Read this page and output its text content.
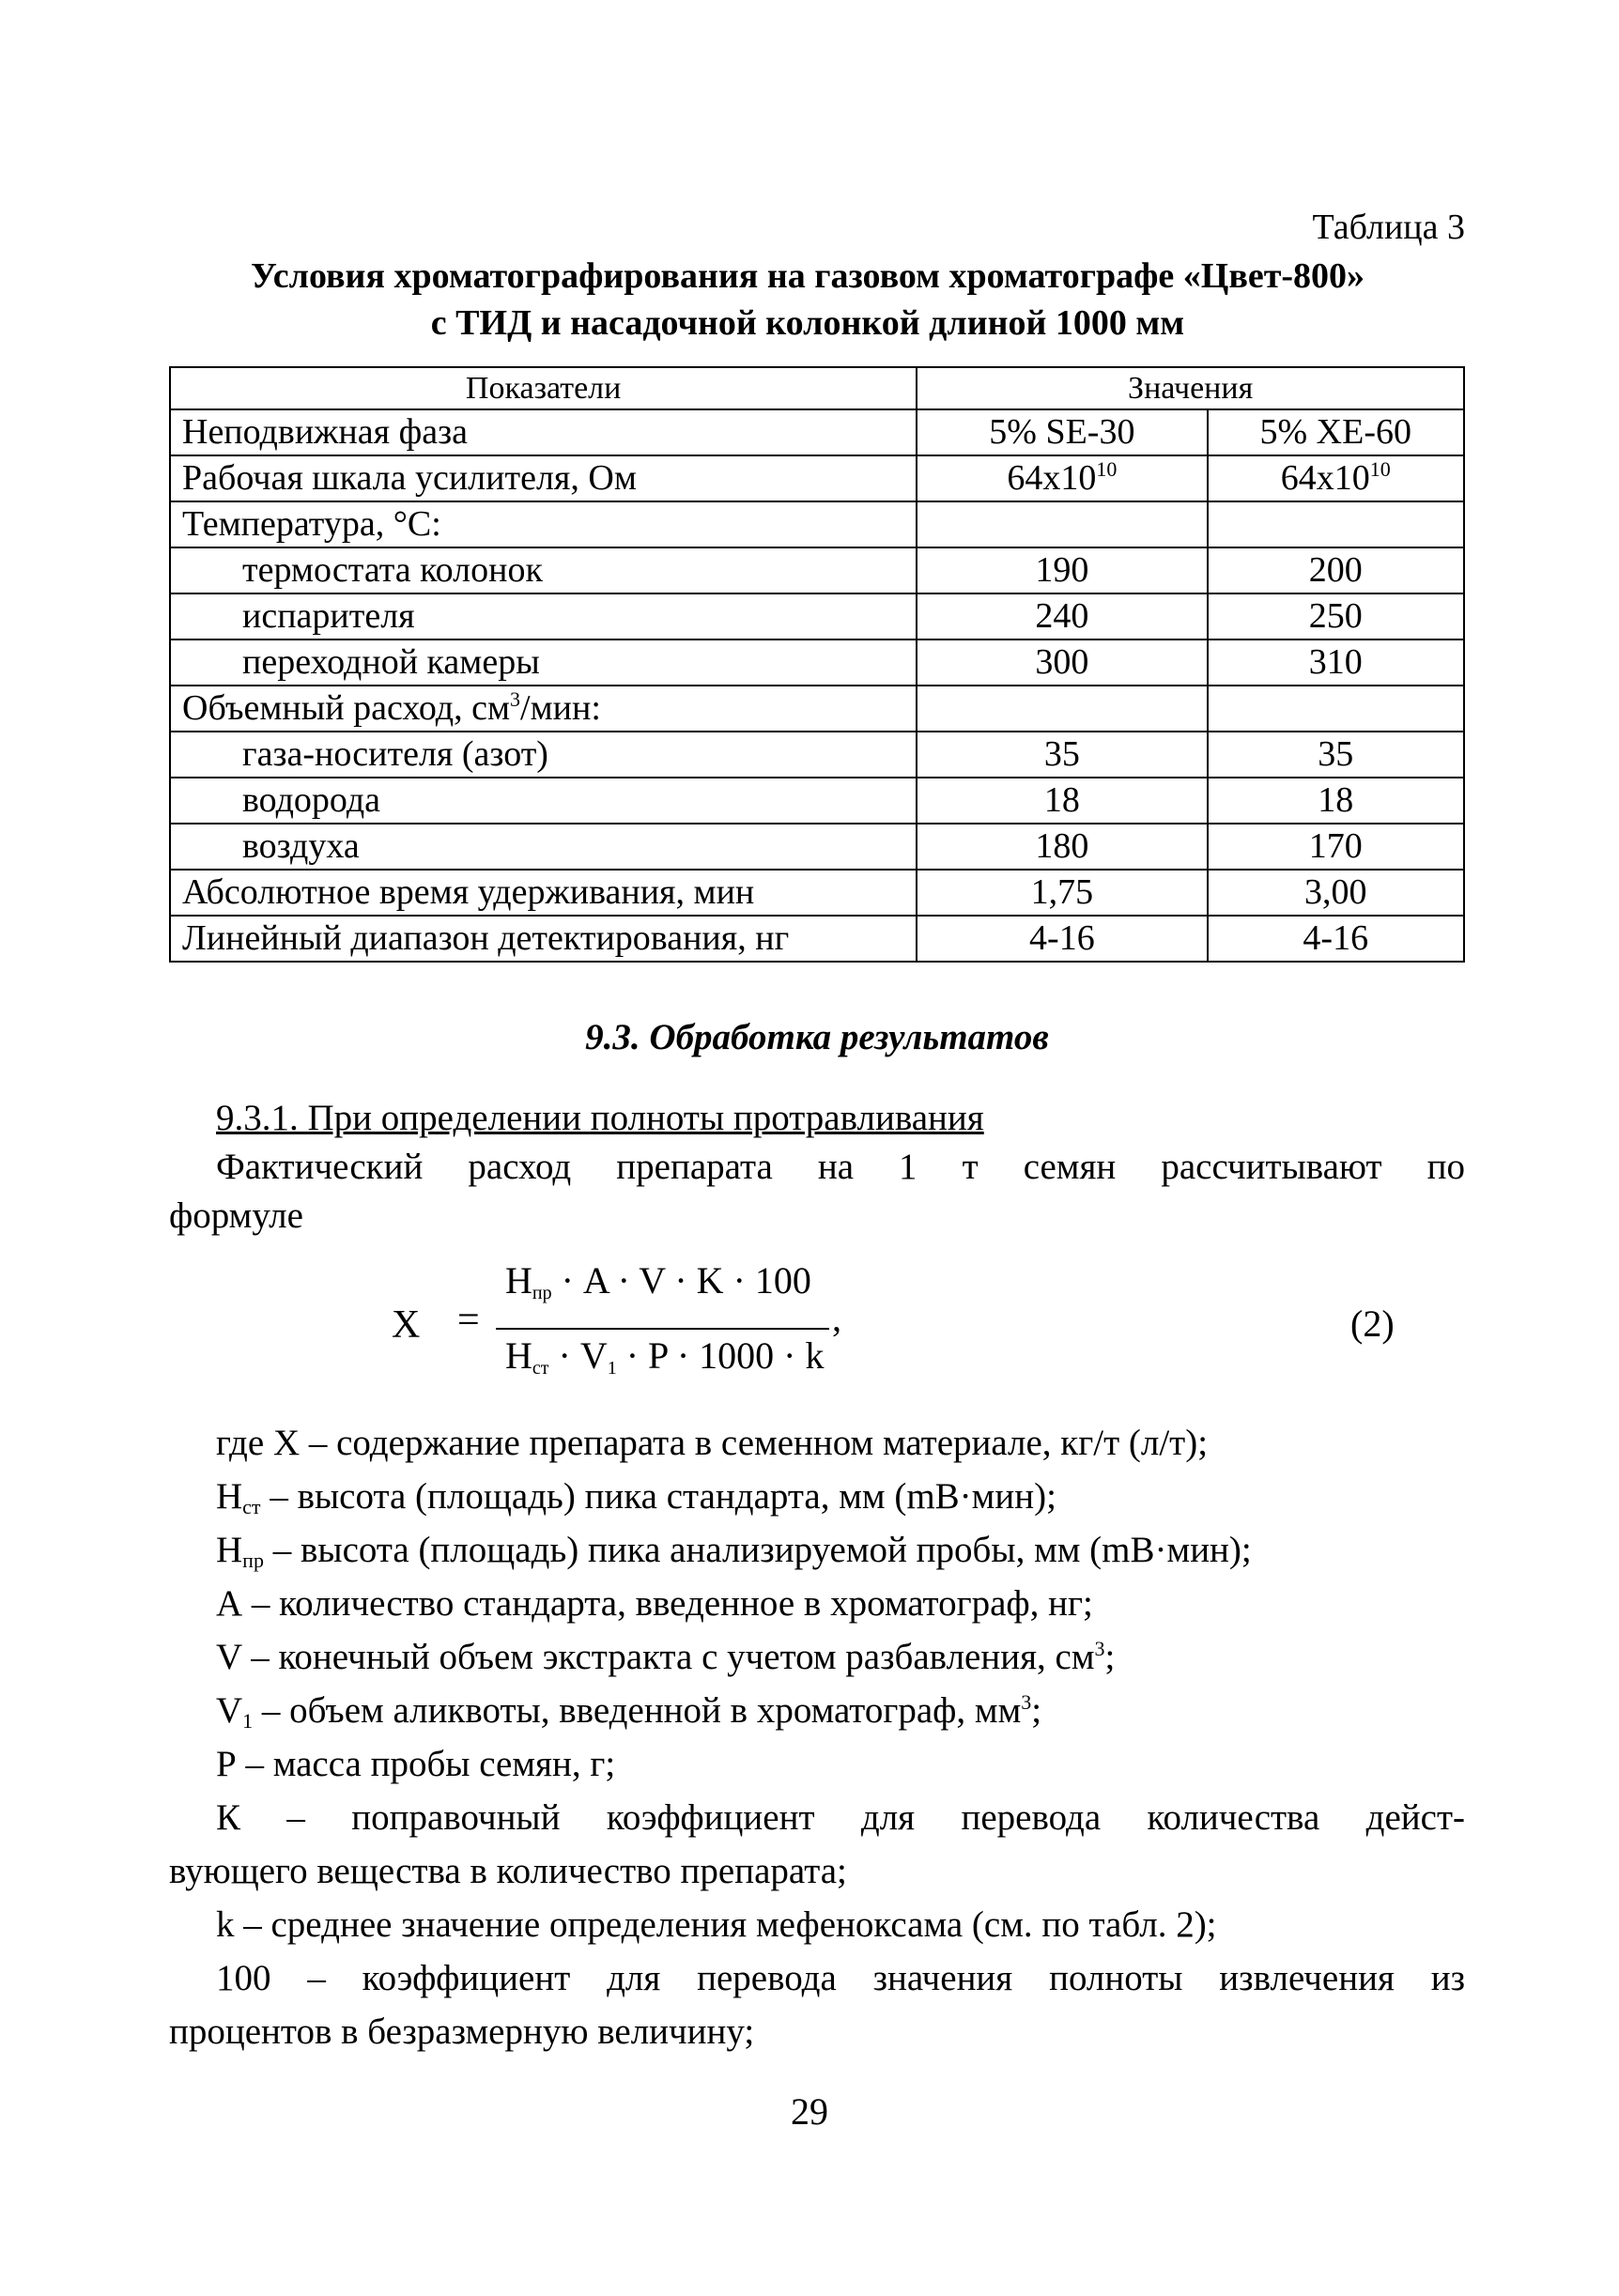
Таблица 3
Условия хроматографирования на газовом хроматографе «Цвет-800»
с ТИД и насадочной колонкой длиной 1000 мм
Показатели	Значения	
Неподвижная фаза	5% SE-30	5% XE-60
Рабочая шкала усилителя, Ом	$64x10^{10}$	$64x10^{10}$
Температура, °С:		
термостата колонок	190	200
испарителя	240	250
переходной камеры	300	310
Объемный расход, $см^3$/мин:		
газа-носителя (азот)	35	35
водорода	18	18
воздуха	180	170
Абсолютное время удерживания, мин	1,75	3,00
Линейный диапазон детектирования, нг	4-16	4-16
9.3. Обработка результатов
9.3.1. При определении полноты протравливания
Фактический расход препарата на 1 т семян рассчитывают по
формуле
X =
$H_{пр} \cdot A \cdot V \cdot K \cdot 100$
$H_{ст} \cdot V_1 \cdot P \cdot 1000 \cdot k$
,	(2)

где X – содержание препарата в семенном материале, кг/т (л/т);

$Н_{ст}$ – высота (площадь) пика стандарта, мм (mВ·мин);

$Н_{пр}$ – высота (площадь) пика анализируемой пробы, мм (mВ·мин);

А – количество стандарта, введенное в хроматограф, нг;

V – конечный объем экстракта с учетом разбавления, $см^3$;

$V_1$ – объем аликвоты, введенной в хроматограф, $мм^3$;

Р – масса пробы семян, г;

К – поправочный коэффициент для перевода количества дейст-

вующего вещества в количество препарата;

k – среднее значение определения мефеноксама (см. по табл. 2);

100 – коэффициент для перевода значения полноты извлечения из

процентов в безразмерную величину;

29
